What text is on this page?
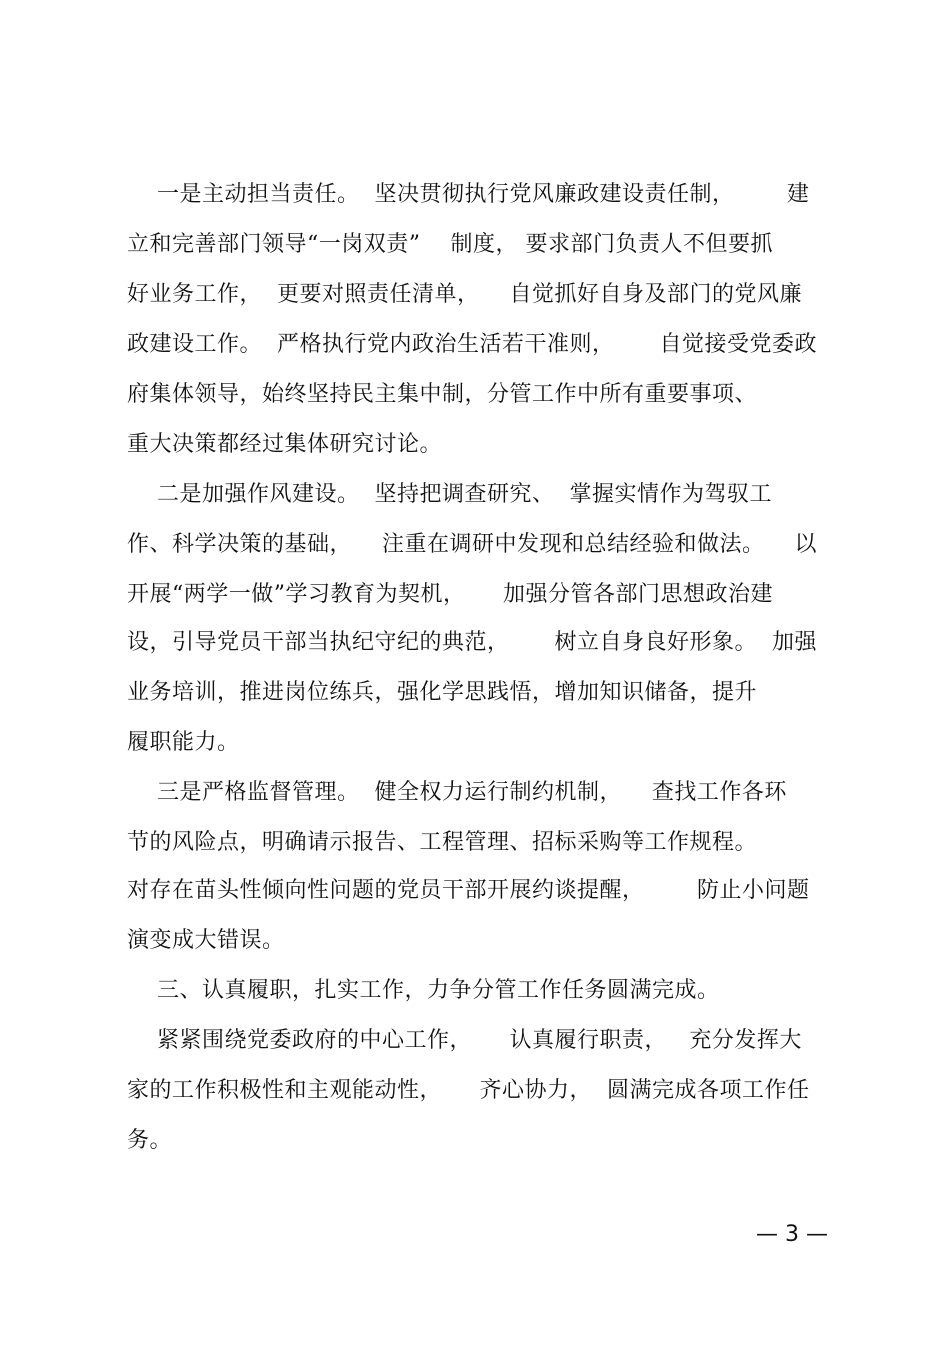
一是主动担当责任。  坚决贯彻执行党风廉政建设责任制，       建
立和完善部门领导“一岗双责”    制度， 要求部门负责人不但要抓
好业务工作，  更要对照责任清单，    自觉抓好自身及部门的党风廉
政建设工作。  严格执行党内政治生活若干准则，      自觉接受党委政
府集体领导，始终坚持民主集中制，分管工作中所有重要事项、
重大决策都经过集体研究讨论。
二是加强作风建设。  坚持把调查研究、  掌握实情作为驾驭工
作、科学决策的基础，    注重在调研中发现和总结经验和做法。    以
开展“两学一做”学习教育为契机，     加强分管各部门思想政治建
设，引导党员干部当执纪守纪的典范，      树立自身良好形象。  加强
业务培训，推进岗位练兵，强化学思践悟，增加知识储备，提升
履职能力。
三是严格监督管理。  健全权力运行制约机制，    查找工作各环
节的风险点，明确请示报告、工程管理、招标采购等工作规程。
对存在苗头性倾向性问题的党员干部开展约谈提醒，       防止小问题
演变成大错误。
三、认真履职，扎实工作，力争分管工作任务圆满完成。
紧紧围绕党委政府的中心工作，     认真履行职责，   充分发挥大
家的工作积极性和主观能动性，     齐心协力，  圆满完成各项工作任
务。
— 3 —
